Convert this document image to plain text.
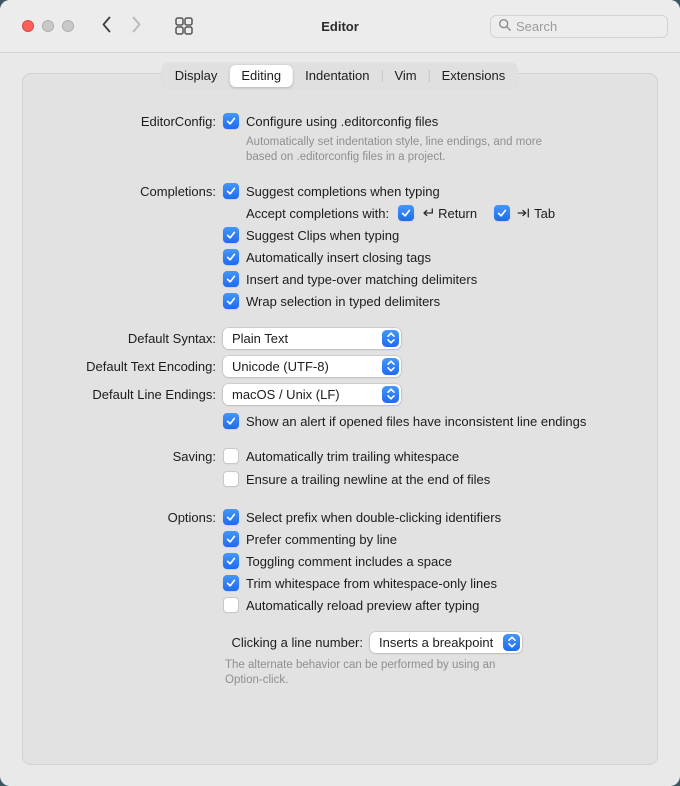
Editor	Search
Display	Editing	Indentation	Vim	Extensions
EditorConfig: Configure using .editorconfig files
Automatically set indentation style, line endings, and more based on .editorconfig files in a project.
Completions: Suggest completions when typing
Accept completions with:	Return	Tab
Suggest Clips when typing
Automatically insert closing tags
Insert and type-over matching delimiters
Wrap selection in typed delimiters
Default Syntax: Plain Text
Default Text Encoding: Unicode (UTF-8)
Default Line Endings: macOS / Unix (LF)
Show an alert if opened files have inconsistent line endings
Saving: Automatically trim trailing whitespace
Ensure a trailing newline at the end of files
Options: Select prefix when double-clicking identifiers
Prefer commenting by line
Toggling comment includes a space
Trim whitespace from whitespace-only lines
Automatically reload preview after typing
Clicking a line number: Inserts a breakpoint
The alternate behavior can be performed by using an Option-click.
